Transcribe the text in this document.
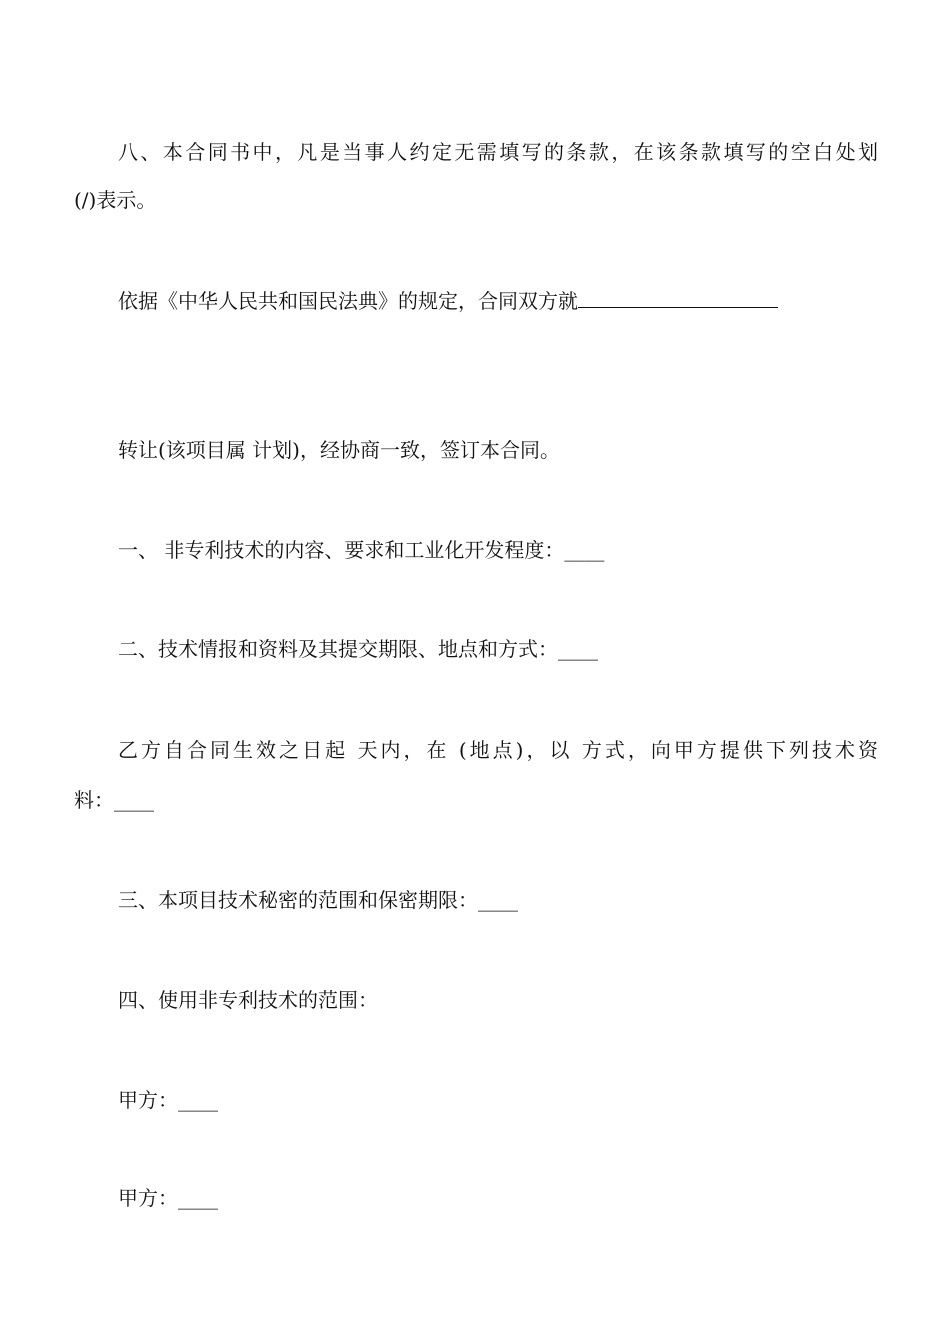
八、本合同书中，凡是当事人约定无需填写的条款，在该条款填写的空白处划
(/)表示。
依据《中华人民共和国民法典》的规定，合同双方就
转让(该项目属 计划)，经协商一致，签订本合同。
一、 非专利技术的内容、要求和工业化开发程度：____
二、技术情报和资料及其提交期限、地点和方式：____
乙方自合同生效之日起 天内，在 (地点)，以 方式，向甲方提供下列技术资
料：____
三、本项目技术秘密的范围和保密期限：____
四、使用非专利技术的范围：
甲方：____
甲方：____
